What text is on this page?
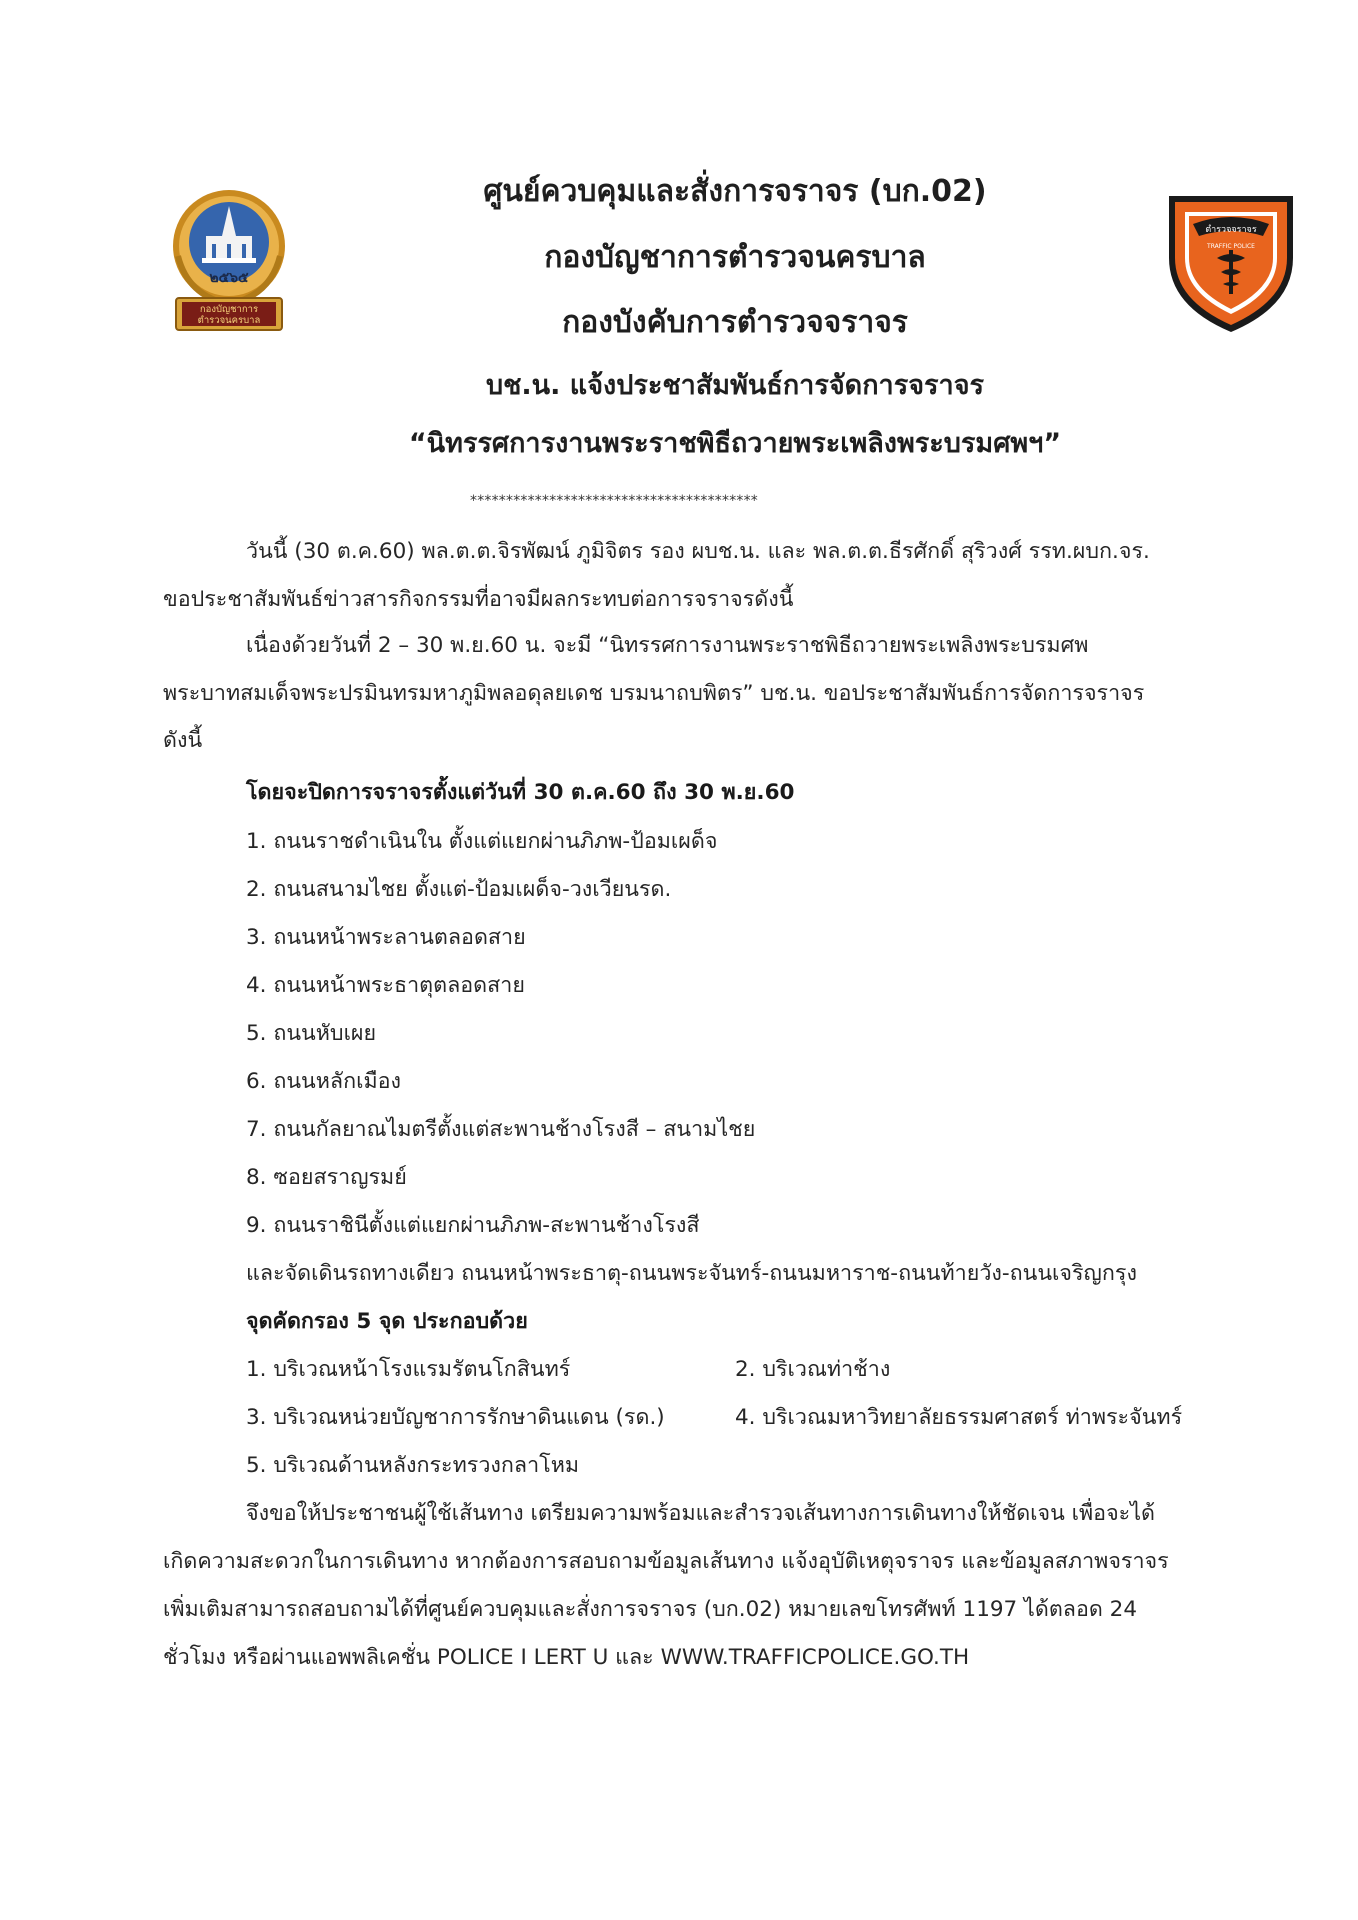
๒๕๖๕
กองบัญชาการ
ตำรวจนครบาล
ตำรวจจราจร
TRAFFIC POLICE
ศูนย์ควบคุมและสั่งการจราจร (บก.02)
กองบัญชาการตำรวจนครบาล
กองบังคับการตำรวจจราจร
บช.น. แจ้งประชาสัมพันธ์การจัดการจราจร
“นิทรรศการงานพระราชพิธีถวายพระเพลิงพระบรมศพฯ”
****************************************
วันนี้ (30 ต.ค.60) พล.ต.ต.จิรพัฒน์ ภูมิจิตร รอง ผบช.น. และ พล.ต.ต.ธีรศักดิ์ สุริวงศ์ รรท.ผบก.จร.
ขอประชาสัมพันธ์ข่าวสารกิจกรรมที่อาจมีผลกระทบต่อการจราจรดังนี้
เนื่องด้วยวันที่ 2 – 30 พ.ย.60 น. จะมี “นิทรรศการงานพระราชพิธีถวายพระเพลิงพระบรมศพ
พระบาทสมเด็จพระปรมินทรมหาภูมิพลอดุลยเดช บรมนาถบพิตร” บช.น. ขอประชาสัมพันธ์การจัดการจราจร
ดังนี้
โดยจะปิดการจราจรตั้งแต่วันที่ 30 ต.ค.60 ถึง 30 พ.ย.60
1. ถนนราชดำเนินใน ตั้งแต่แยกผ่านภิภพ-ป้อมเผด็จ
2. ถนนสนามไชย ตั้งแต่-ป้อมเผด็จ-วงเวียนรด.
3. ถนนหน้าพระลานตลอดสาย
4. ถนนหน้าพระธาตุตลอดสาย
5. ถนนหับเผย
6. ถนนหลักเมือง
7. ถนนกัลยาณไมตรีตั้งแต่สะพานช้างโรงสี – สนามไชย
8. ซอยสราญรมย์
9. ถนนราชินีตั้งแต่แยกผ่านภิภพ-สะพานช้างโรงสี
และจัดเดินรถทางเดียว ถนนหน้าพระธาตุ-ถนนพระจันทร์-ถนนมหาราช-ถนนท้ายวัง-ถนนเจริญกรุง
จุดคัดกรอง 5 จุด ประกอบด้วย
1. บริเวณหน้าโรงแรมรัตนโกสินทร์	2. บริเวณท่าช้าง
3. บริเวณหน่วยบัญชาการรักษาดินแดน (รด.)	4. บริเวณมหาวิทยาลัยธรรมศาสตร์ ท่าพระจันทร์
5. บริเวณด้านหลังกระทรวงกลาโหม
จึงขอให้ประชาชนผู้ใช้เส้นทาง เตรียมความพร้อมและสำรวจเส้นทางการเดินทางให้ชัดเจน เพื่อจะได้
เกิดความสะดวกในการเดินทาง หากต้องการสอบถามข้อมูลเส้นทาง แจ้งอุบัติเหตุจราจร และข้อมูลสภาพจราจร
เพิ่มเติมสามารถสอบถามได้ที่ศูนย์ควบคุมและสั่งการจราจร (บก.02) หมายเลขโทรศัพท์ 1197 ได้ตลอด 24
ชั่วโมง หรือผ่านแอพพลิเคชั่น POLICE I LERT U และ WWW.TRAFFICPOLICE.GO.TH
